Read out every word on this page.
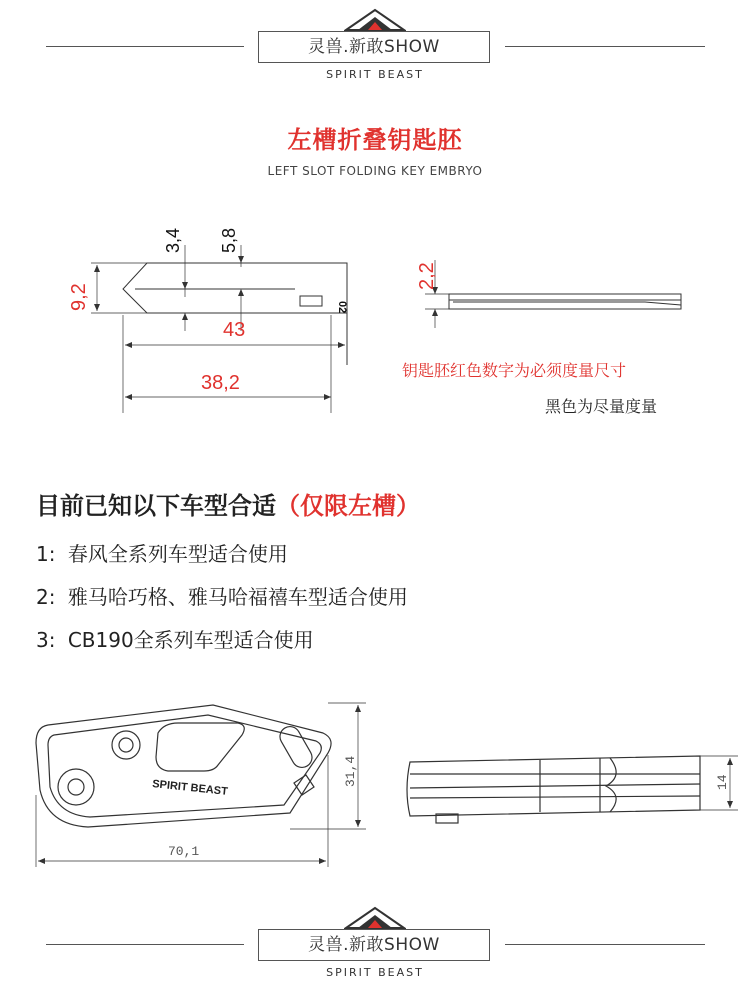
灵兽.新敢SHOW
SPIRIT BEAST
左槽折叠钥匙胚
LEFT SLOT FOLDING KEY EMBRYO
9,2
3,4 5,8
43
38,2
02
2,2
钥匙胚红色数字为必须度量尺寸
黑色为尽量度量
目前已知以下车型合适（仅限左槽）
1: 春风全系列车型适合使用
2: 雅马哈巧格、雅马哈福禧车型适合使用
3: CB190全系列车型适合使用
SPIRIT BEAST
31,4
70,1
14
灵兽.新敢SHOW
SPIRIT BEAST
